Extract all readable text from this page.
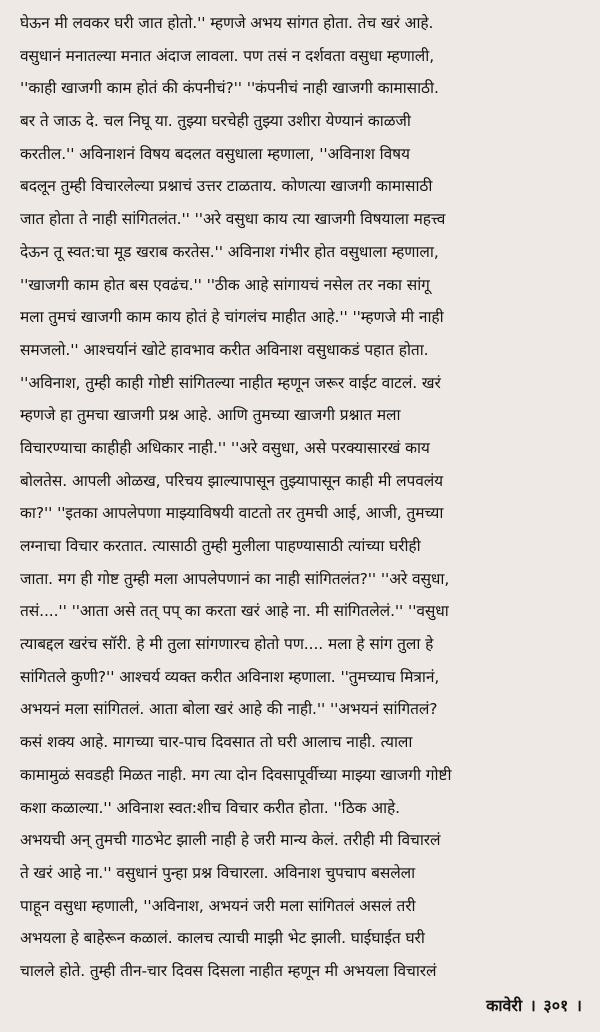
घेऊन मी लवकर घरी जात होतो.'' म्हणजे अभय सांगत होता. तेच खरं आहे.
वसुधानं मनातल्या मनात अंदाज लावला. पण तसं न दर्शवता वसुधा म्हणाली,
''काही खाजगी काम होतं की कंपनीचं?'' ''कंपनीचं नाही खाजगी कामासाठी.
बर ते जाऊ दे. चल निघू या. तुझ्या घरचेही तुझ्या उशीरा येण्यानं काळजी
करतील.'' अविनाशनं विषय बदलत वसुधाला म्हणाला, ''अविनाश विषय
बदलून तुम्ही विचारलेल्या प्रश्नाचं उत्तर टाळताय. कोणत्या खाजगी कामासाठी
जात होता ते नाही सांगितलंत.'' ''अरे वसुधा काय त्या खाजगी विषयाला महत्त्व
देऊन तू स्वत:चा मूड खराब करतेस.'' अविनाश गंभीर होत वसुधाला म्हणाला,
''खाजगी काम होत बस एवढंच.'' ''ठीक आहे सांगायचं नसेल तर नका सांगू
मला तुमचं खाजगी काम काय होतं हे चांगलंच माहीत आहे.'' ''म्हणजे मी नाही
समजलो.'' आश्चर्यानं खोटे हावभाव करीत अविनाश वसुधाकडं पहात होता.
''अविनाश, तुम्ही काही गोष्टी सांगितल्या नाहीत म्हणून जरूर वाईट वाटलं. खरं
म्हणजे हा तुमचा खाजगी प्रश्न आहे. आणि तुमच्या खाजगी प्रश्नात मला
विचारण्याचा काहीही अधिकार नाही.'' ''अरे वसुधा, असे परक्यासारखं काय
बोलतेस. आपली ओळख, परिचय झाल्यापासून तुझ्यापासून काही मी लपवलंय
का?'' ''इतका आपलेपणा माझ्याविषयी वाटतो तर तुमची आई, आजी, तुमच्या
लग्नाचा विचार करतात. त्यासाठी तुम्ही मुलीला पाहण्यासाठी त्यांच्या घरीही
जाता. मग ही गोष्ट तुम्ही मला आपलेपणानं का नाही सांगितलंत?'' ''अरे वसुधा,
तसं....'' ''आता असे तत् पप् का करता खरं आहे ना. मी सांगितलेलं.'' ''वसुधा
त्याबद्दल खरंच सॉरी. हे मी तुला सांगणारच होतो पण.... मला हे सांग तुला हे
सांगितले कुणी?'' आश्चर्य व्यक्त करीत अविनाश म्हणाला. ''तुमच्याच मित्रानं,
अभयनं मला सांगितलं. आता बोला खरं आहे की नाही.'' ''अभयनं सांगितलं?
कसं शक्य आहे. मागच्या चार-पाच दिवसात तो घरी आलाच नाही. त्याला
कामामुळं सवडही मिळत नाही. मग त्या दोन दिवसापूर्वीच्या माझ्या खाजगी गोष्टी
कशा कळाल्या.'' अविनाश स्वत:शीच विचार करीत होता. ''ठिक आहे.
अभयची अन् तुमची गाठभेट झाली नाही हे जरी मान्य केलं. तरीही मी विचारलं
ते खरं आहे ना.'' वसुधानं पुन्हा प्रश्न विचारला. अविनाश चुपचाप बसलेला
पाहून वसुधा म्हणाली, ''अविनाश, अभयनं जरी मला सांगितलं असलं तरी
अभयला हे बाहेरून कळालं. कालच त्याची माझी भेट झाली. घाईघाईत घरी
चालले होते. तुम्ही तीन-चार दिवस दिसला नाहीत म्हणून मी अभयला विचारलं
कावेरी । ३०१ ।
